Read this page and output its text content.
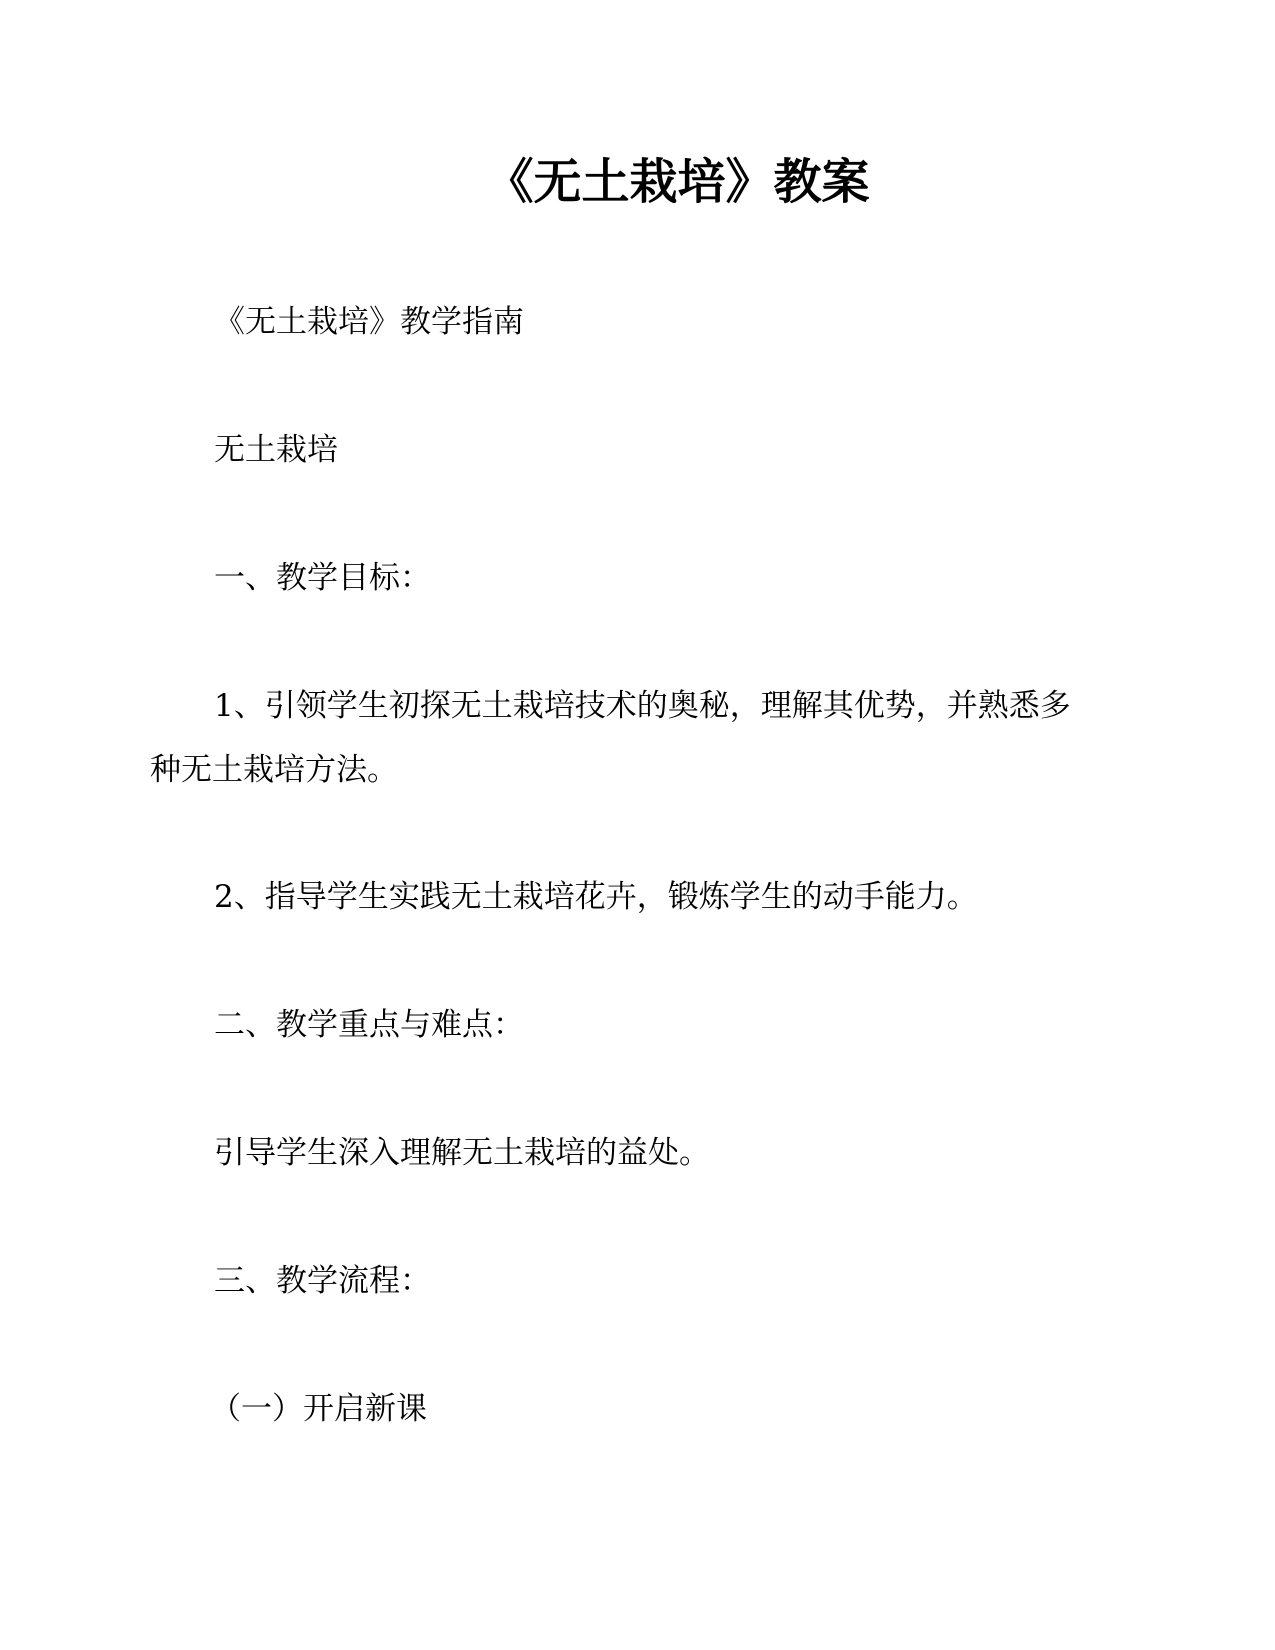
《无土栽培》教案
《无土栽培》教学指南
无土栽培
一、教学目标：
1、引领学生初探无土栽培技术的奥秘，理解其优势，并熟悉多种无土栽培方法。
2、指导学生实践无土栽培花卉，锻炼学生的动手能力。
二、教学重点与难点：
引导学生深入理解无土栽培的益处。
三、教学流程：
（一）开启新课
